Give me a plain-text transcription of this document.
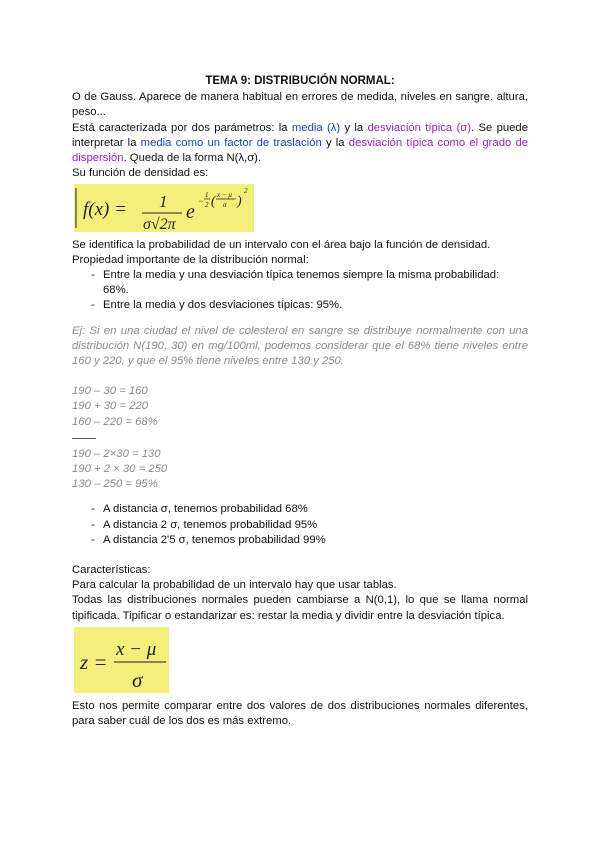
TEMA 9: DISTRIBUCIÓN NORMAL:

O de Gauss. Aparece de manera habitual en errores de medida, niveles en sangre. altura, peso...

Está caracterizada por dos parámetros: la media (λ) y la desviación típica (σ). Se puede interpretar la media como un factor de traslación y la desviación típica como el grado de dispersión. Queda de la forma N(λ,σ).

Su función de densidad es:

f(x) = 1
σ√2π
e −
1
2 ( x − μ
σ )
2

Se identifica la probabilidad de un intervalo con el área bajo la función de densidad.

Propiedad importante de la distribución normal:

- Entre la media y una desviación típica tenemos siempre la misma probabilidad: 68%.
- Entre la media y dos desviaciones típicas: 95%.

Ej: Si en una ciudad el nivel de colesterol en sangre se distribuye normalmente con una distribución N(190, 30) en mg/100ml, podemos considerar que el 68% tiene niveles entre 160 y 220, y que el 95% tiene niveles entre 130 y 250.

190 – 30 = 160
190 + 30 = 220
160 – 220 = 68%
190 – 2×30 = 130
190 + 2 × 30 = 250
130 – 250 = 95%
- A distancia σ, tenemos probabilidad 68%
- A distancia 2 σ, tenemos probabilidad 95%
- A distancia 2'5 σ, tenemos probabilidad 99%

Características:

Para calcular la probabilidad de un intervalo hay que usar tablas.

Todas las distribuciones normales pueden cambiarse a N(0,1), lo que se llama normal tipificada. Tipificar o estandarizar es: restar la media y dividir entre la desviación típica.

z =
x − μ
σ

Esto nos permite comparar entre dos valores de dos distribuciones normales diferentes, para saber cuál de los dos es más extremo.
